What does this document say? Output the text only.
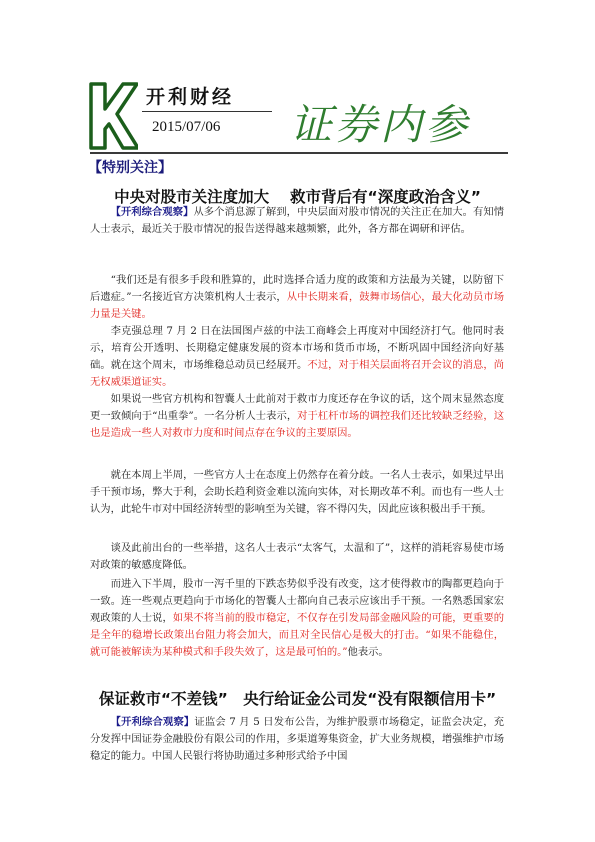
开利财经
2015/07/06 证券内参
【特别关注】
中央对股市关注度加大　 救市背后有“深度政治含义”

【开利综合观察】从多个消息源了解到，中央层面对股市情况的关注正在加大。有知情人士表示，最近关于股市情况的报告送得越来越频繁，此外，各方都在调研和评估。

“我们还是有很多手段和胜算的，此时选择合适力度的政策和方法最为关键，以防留下后遗症。”一名接近官方决策机构人士表示，从中长期来看，鼓舞市场信心，最大化动员市场力量是关键。

李克强总理 7 月 2 日在法国图卢兹的中法工商峰会上再度对中国经济打气。他同时表示，培育公开透明、长期稳定健康发展的资本市场和货币市场，不断巩固中国经济向好基础。就在这个周末，市场维稳总动员已经展开。不过，对于相关层面将召开会议的消息，尚无权威渠道证实。

如果说一些官方机构和智囊人士此前对于救市力度还存在争议的话，这个周末显然态度更一致倾向于“出重拳”。一名分析人士表示，对于杠杆市场的调控我们还比较缺乏经验，这也是造成一些人对救市力度和时间点存在争议的主要原因。

就在本周上半周，一些官方人士在态度上仍然存在着分歧。一名人士表示，如果过早出手干预市场，弊大于利，会助长趋利资金难以流向实体，对长期改革不利。而也有一些人士认为，此轮牛市对中国经济转型的影响至为关键，容不得闪失，因此应该积极出手干预。

谈及此前出台的一些举措，这名人士表示“太客气，太温和了”，这样的消耗容易使市场对政策的敏感度降低。

而进入下半周，股市一泻千里的下跌态势似乎没有改变，这才使得救市的陶都更趋向于一致。连一些观点更趋向于市场化的智囊人士都向自己表示应该出手干预。一名熟悉国家宏观政策的人士说，如果不将当前的股市稳定，不仅存在引发局部金融风险的可能，更重要的是全年的稳增长政策出台阻力将会加大，而且对全民信心是极大的打击。“如果不能稳住，就可能被解读为某种模式和手段失效了，这是最可怕的。”他表示。

保证救市“不差钱”　央行给证金公司发“没有限额信用卡”

【开利综合观察】证监会 7 月 5 日发布公告，为维护股票市场稳定，证监会决定，充分发挥中国证券金融股份有限公司的作用，多渠道筹集资金，扩大业务规模，增强维护市场稳定的能力。中国人民银行将协助通过多种形式给予中国
